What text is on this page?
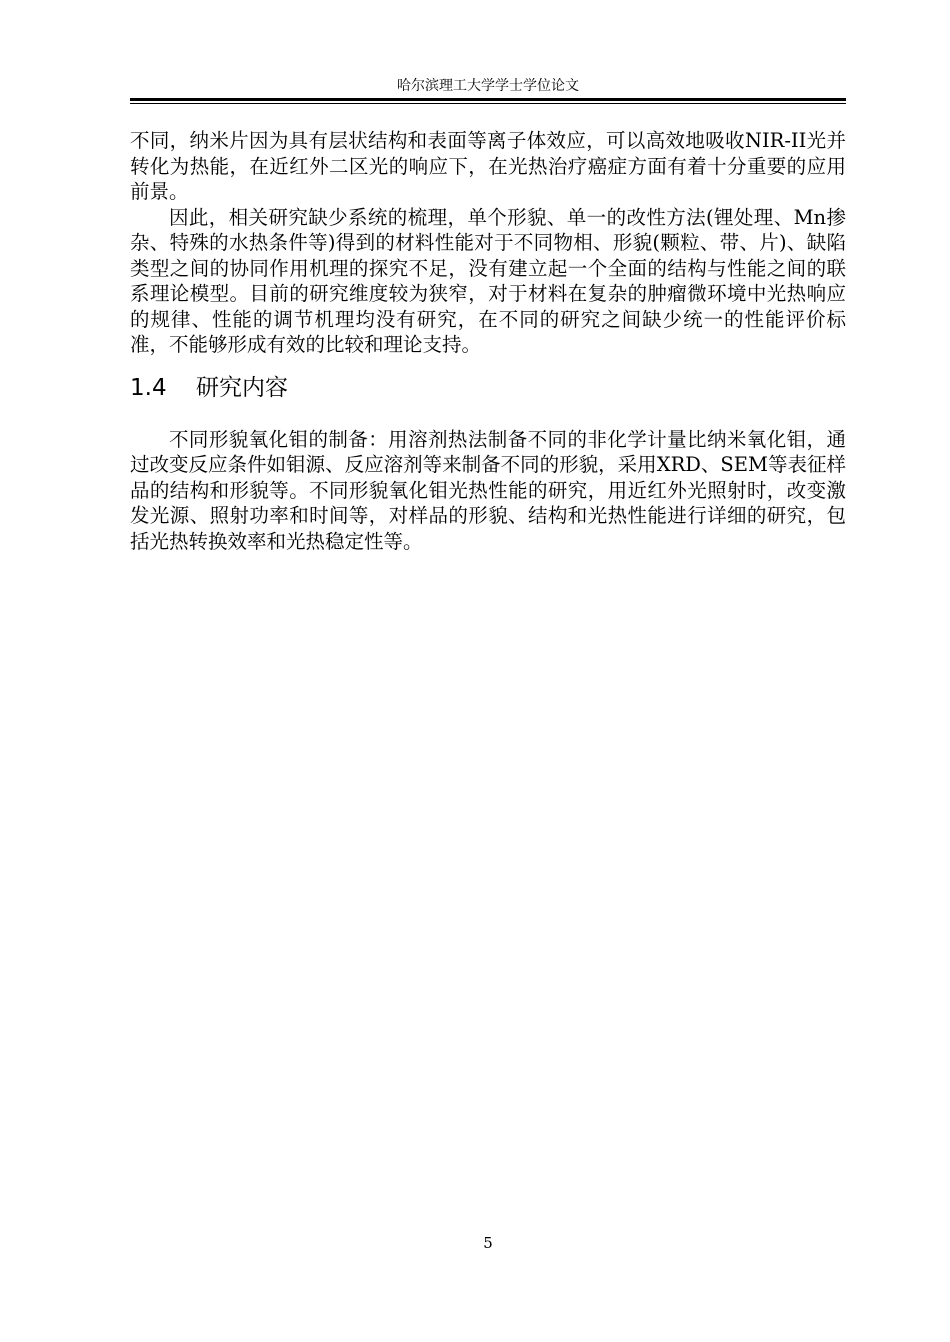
哈尔滨理工大学学士学位论文

不同，纳米片因为具有层状结构和表面等离子体效应，可以高效地吸收NIR-II光并转化为热能，在近红外二区光的响应下，在光热治疗癌症方面有着十分重要的应用前景。

因此，相关研究缺少系统的梳理，单个形貌、单一的改性方法(锂处理、Mn掺杂、特殊的水热条件等)得到的材料性能对于不同物相、形貌(颗粒、带、片)、缺陷类型之间的协同作用机理的探究不足，没有建立起一个全面的结构与性能之间的联系理论模型。目前的研究维度较为狭窄，对于材料在复杂的肿瘤微环境中光热响应的规律、性能的调节机理均没有研究，在不同的研究之间缺少统一的性能评价标准，不能够形成有效的比较和理论支持。

1.4 研究内容

不同形貌氧化钼的制备：用溶剂热法制备不同的非化学计量比纳米氧化钼，通过改变反应条件如钼源、反应溶剂等来制备不同的形貌，采用XRD、SEM等表征样品的结构和形貌等。不同形貌氧化钼光热性能的研究，用近红外光照射时，改变激发光源、照射功率和时间等，对样品的形貌、结构和光热性能进行详细的研究，包括光热转换效率和光热稳定性等。

5
